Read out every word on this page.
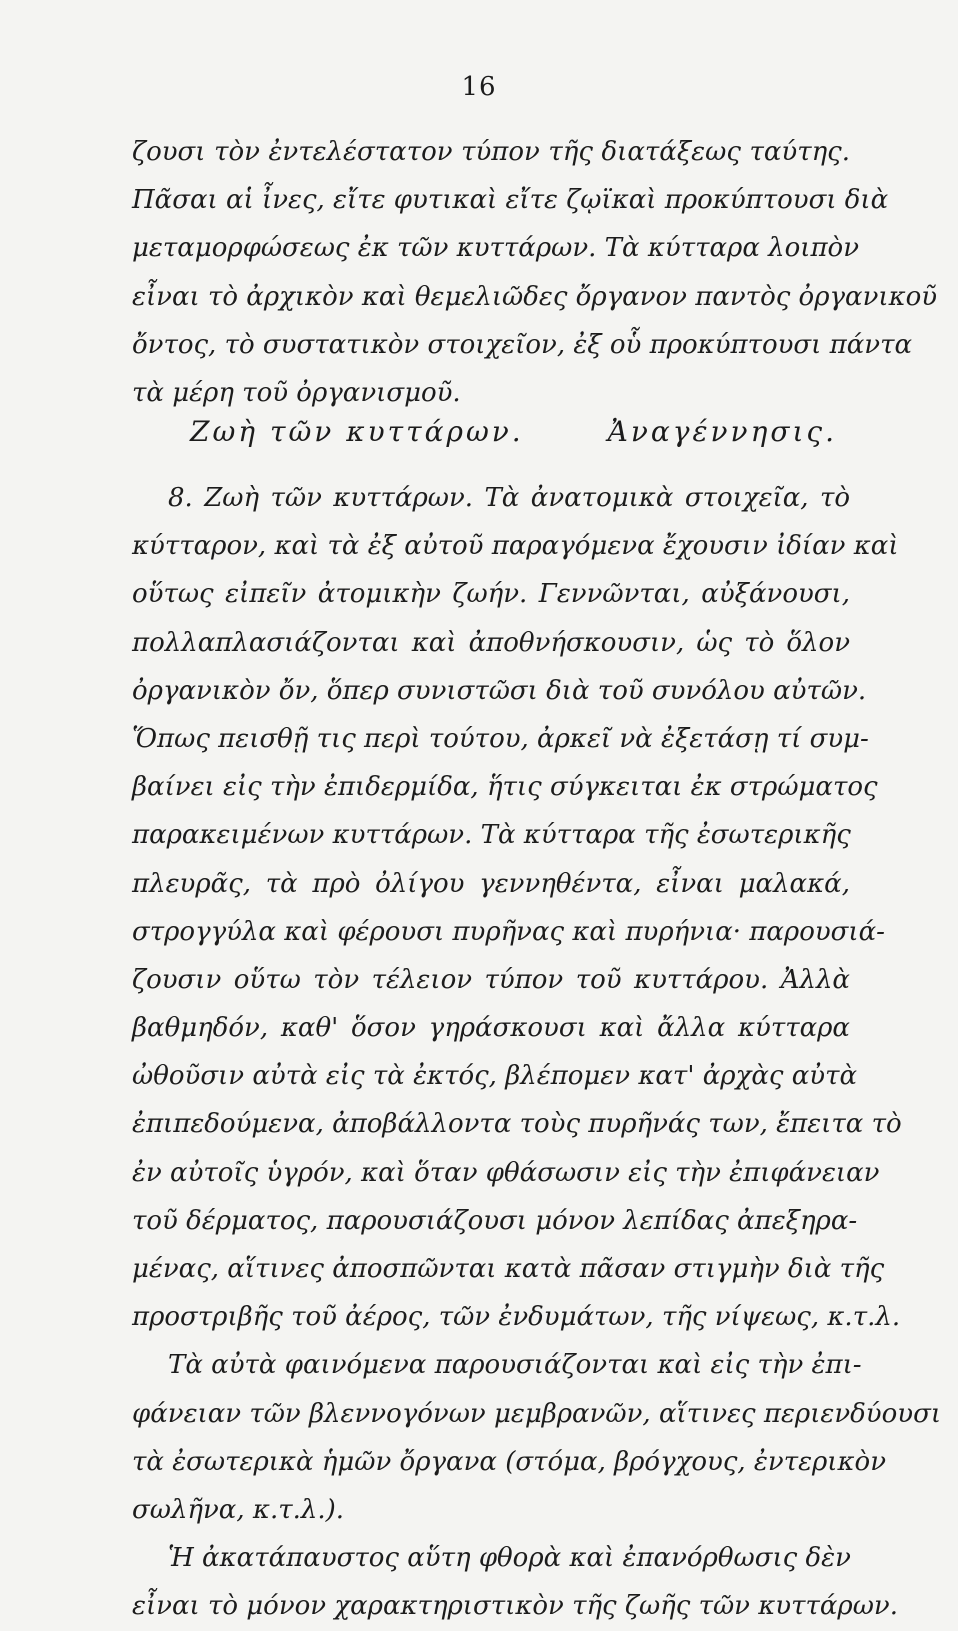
16
ζουσι τὸν ἐντελέστατον τύπον τῆς διατάξεως ταύτης.
Πᾶσαι αἱ ἶνες, εἴτε φυτικαὶ εἴτε ζῳϊκαὶ προκύπτουσι διὰ
μεταμορφώσεως ἐκ τῶν κυττάρων. Τὰ κύτταρα λοιπὸν
εἶναι τὸ ἀρχικὸν καὶ θεμελιῶδες ὄργανον παντὸς ὀργανικοῦ
ὄντος, τὸ συστατικὸν στοιχεῖον, ἐξ οὗ προκύπτουσι πάντα
τὰ μέρη τοῦ ὀργανισμοῦ.
Ζωὴ τῶν κυττάρων.	Ἀναγέννησις.
8. Ζωὴ τῶν κυττάρων. Τὰ ἀνατομικὰ στοιχεῖα, τὸ
κύτταρον, καὶ τὰ ἐξ αὐτοῦ παραγόμενα ἔχουσιν ἰδίαν καὶ
οὕτως εἰπεῖν ἀτομικὴν ζωήν. Γεννῶνται, αὐξάνουσι,
πολλαπλασιάζονται καὶ ἀποθνήσκουσιν, ὡς τὸ ὅλον
ὀργανικὸν ὄν, ὅπερ συνιστῶσι διὰ τοῦ συνόλου αὐτῶν.
Ὅπως πεισθῇ τις περὶ τούτου, ἀρκεῖ νὰ ἐξετάσῃ τί συμ-
βαίνει εἰς τὴν ἐπιδερμίδα, ἥτις σύγκειται ἐκ στρώματος
παρακειμένων κυττάρων. Τὰ κύτταρα τῆς ἐσωτερικῆς
πλευρᾶς, τὰ πρὸ ὀλίγου γεννηθέντα, εἶναι μαλακά,
στρογγύλα καὶ φέρουσι πυρῆνας καὶ πυρήνια· παρουσιά-
ζουσιν οὕτω τὸν τέλειον τύπον τοῦ κυττάρου. Ἀλλὰ
βαθμηδόν, καθ' ὅσον γηράσκουσι καὶ ἄλλα κύτταρα
ὠθοῦσιν αὐτὰ εἰς τὰ ἐκτός, βλέπομεν κατ' ἀρχὰς αὐτὰ
ἐπιπεδούμενα, ἀποβάλλοντα τοὺς πυρῆνάς των, ἔπειτα τὸ
ἐν αὐτοῖς ὑγρόν, καὶ ὅταν φθάσωσιν εἰς τὴν ἐπιφάνειαν
τοῦ δέρματος, παρουσιάζουσι μόνον λεπίδας ἀπεξηρα-
μένας, αἵτινες ἀποσπῶνται κατὰ πᾶσαν στιγμὴν διὰ τῆς
προστριβῆς τοῦ ἀέρος, τῶν ἐνδυμάτων, τῆς νίψεως, κ.τ.λ.
Τὰ αὐτὰ φαινόμενα παρουσιάζονται καὶ εἰς τὴν ἐπι-
φάνειαν τῶν βλεννογόνων μεμβρανῶν, αἵτινες περιενδύουσι
τὰ ἐσωτερικὰ ἡμῶν ὄργανα (στόμα, βρόγχους, ἐντερικὸν
σωλῆνα, κ.τ.λ.).
Ἡ ἀκατάπαυστος αὕτη φθορὰ καὶ ἐπανόρθωσις δὲν
εἶναι τὸ μόνον χαρακτηριστικὸν τῆς ζωῆς τῶν κυττάρων.
